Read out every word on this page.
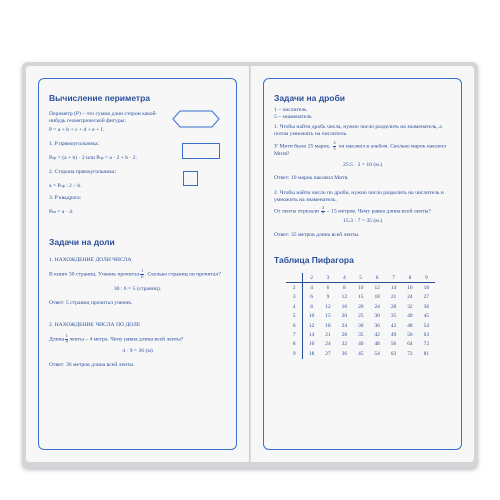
Вычисление периметра
Периметр (P) – это сумма длин сторон какой-нибудь геометрической фигуры:
P = a + b + c + d + e + f.
1. P прямоугольника:
Pпр = (a + b) · 2 или Pпр = a · 2 + b · 2.
2. Сторона прямоугольника:
a = Pпр : 2 – b.
3. P квадрата:
Pкв = a · 4.
Задачи на доли
1. НАХОЖДЕНИЕ ДОЛИ ЧИСЛА
В книге 30 страниц. Ученик прочитал $\frac{1}{6}$ . Сколько страниц он прочитал?
30 : 6 = 5 (страниц).
Ответ: 5 страниц прочитал ученик.
2. НАХОЖДЕНИЕ ЧИСЛА ПО ДОЛЕ
Длина $\frac{1}{9}$ ленты – 4 метра. Чему равна длина всей ленты?
4 · 9 = 36 (м)
Ответ: 36 метров длина всей ленты.
Задачи на дроби
1 – числитель
5 – знаменатель
1. Чтобы найти дробь числа, нужно число разделить на знаменатель, а потом умножить на числитель.
У Мити было 25 марок. $\frac{2}{5}$ он наклеил в альбом. Сколько марок наклеил Митя?
25:5 · 2 = 10 (м.)
Ответ: 10 марок наклеил Митя.
2. Чтобы найти число по дроби, нужно число разделить на числитель и умножить на знаменатель.
От ленты отрезали $\frac{3}{7} - 15$ метров. Чему равна длина всей ленты?
15:3 · 7 = 35 (м.)
Ответ: 35 метров длина всей ленты.
Таблица Пифагора
	2	3	4	5	6	7	8	9
2	4	6	8	10	12	14	16	18
3	6	9	12	15	18	21	24	27
4	8	12	16	20	24	28	32	36
5	10	15	20	25	30	35	40	45
6	12	18	24	30	36	42	48	54
7	14	21	28	35	42	49	56	63
8	16	24	32	40	48	56	64	72
9	18	27	36	45	54	63	72	81
